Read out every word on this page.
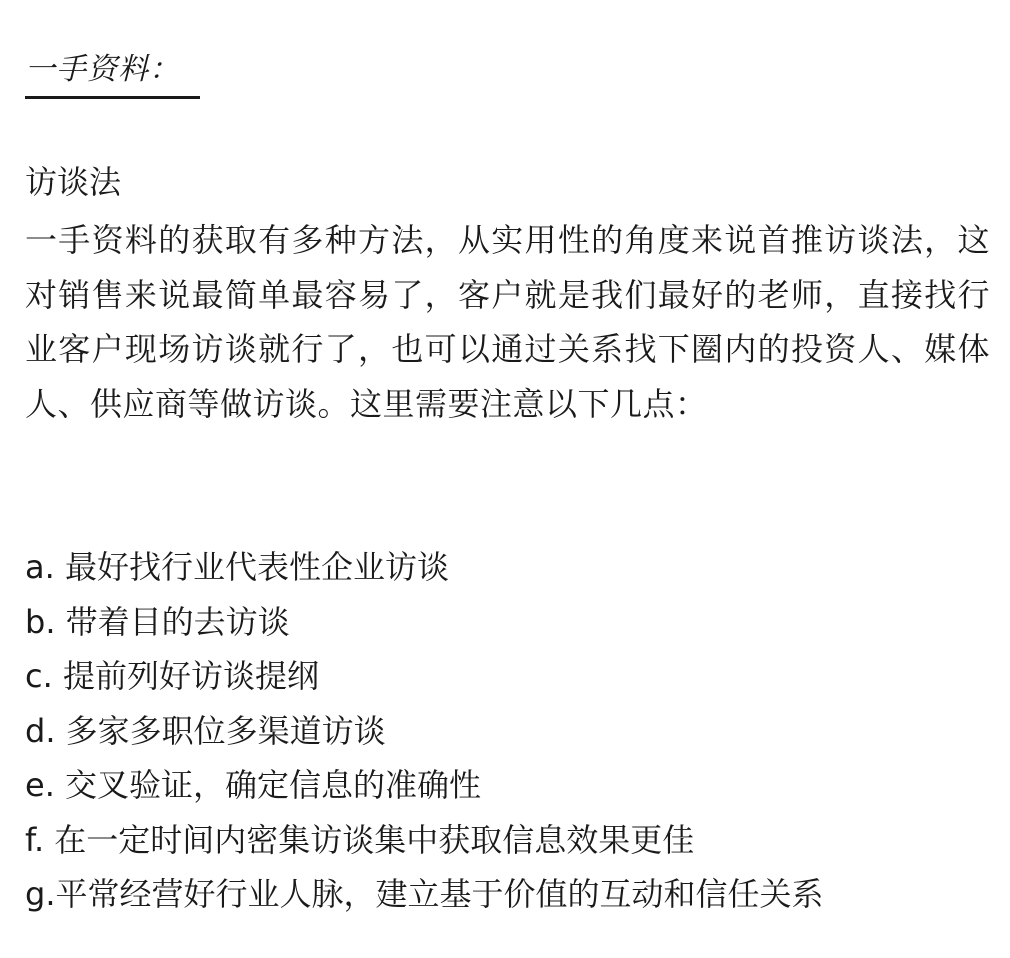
一手资料：
访谈法
一手资料的获取有多种方法，从实用性的角度来说首推访谈法，这对销售来说最简单最容易了，客户就是我们最好的老师，直接找行业客户现场访谈就行了，也可以通过关系找下圈内的投资人、媒体人、供应商等做访谈。这里需要注意以下几点：
a. 最好找行业代表性企业访谈
b. 带着目的去访谈
c. 提前列好访谈提纲
d. 多家多职位多渠道访谈
e. 交叉验证，确定信息的准确性
f. 在一定时间内密集访谈集中获取信息效果更佳
g.平常经营好行业人脉，建立基于价值的互动和信任关系
